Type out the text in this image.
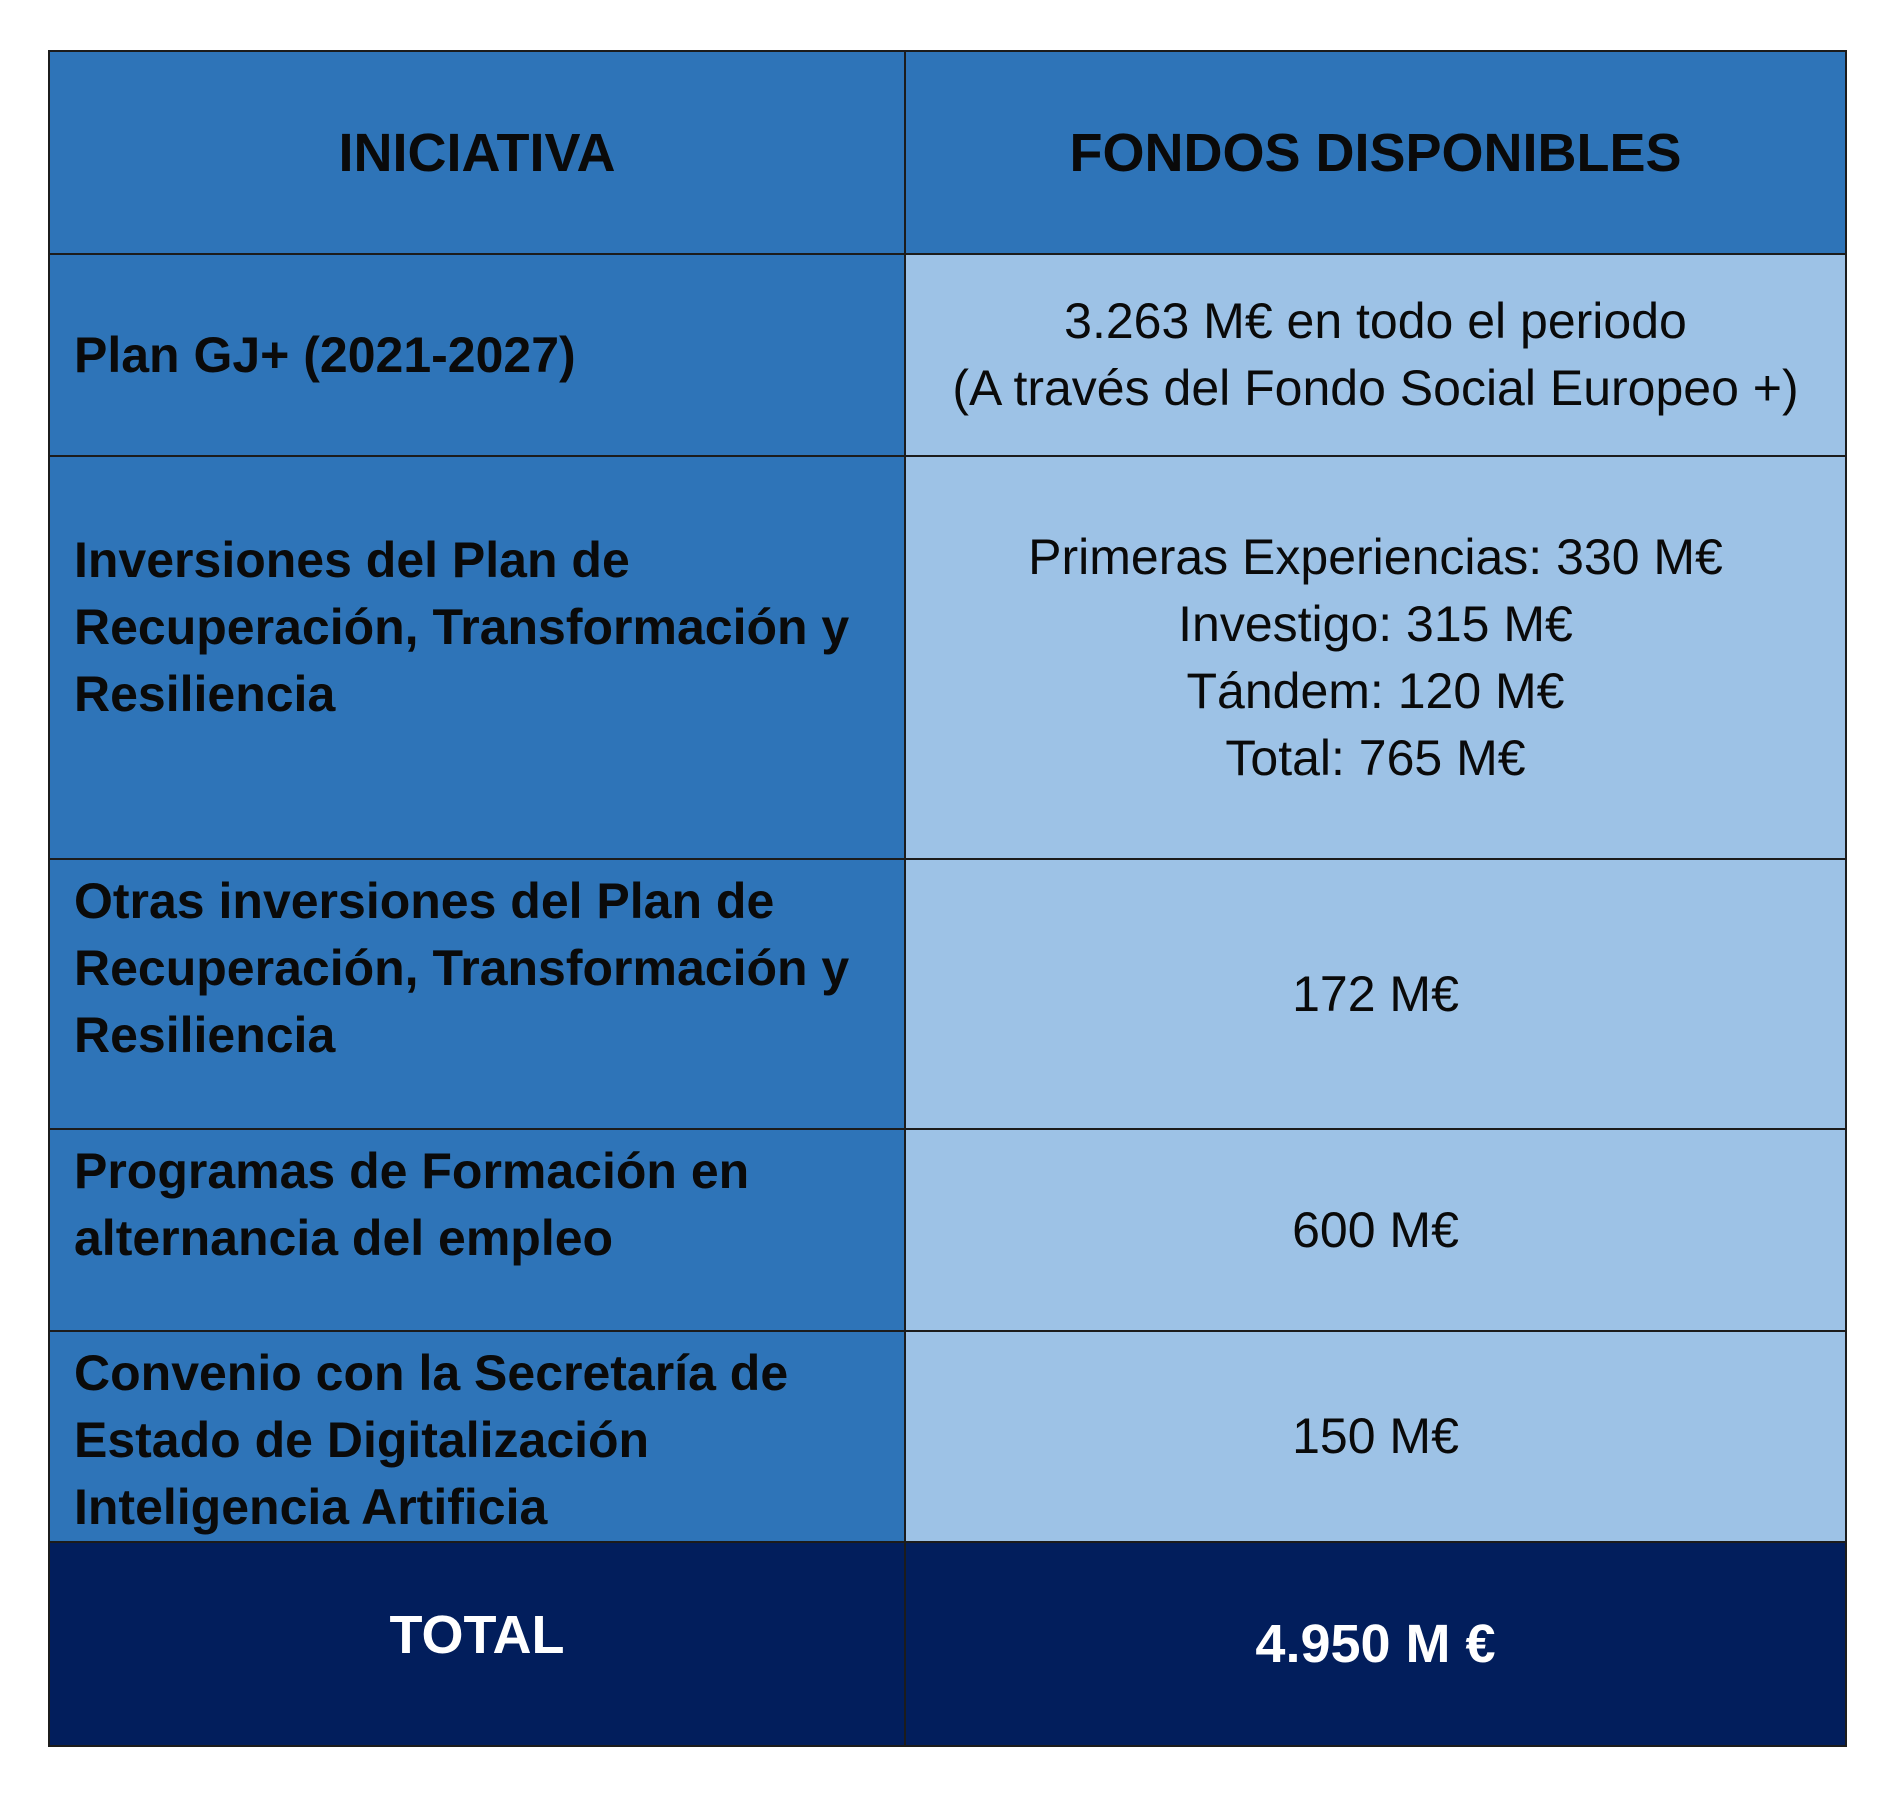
INICIATIVA	FONDOS DISPONIBLES
Plan GJ+ (2021-2027)	3.263 M€ en todo el periodo
(A través del Fondo Social Europeo +)

Inversiones del Plan de Recuperación, Transformación y Resiliencia	Primeras Experiencias: 330 M€
Investigo: 315 M€
Tándem: 120 M€
Total: 765 M€

Otras inversiones del Plan de Recuperación, Transformación y Resiliencia	172 M€

Programas de Formación en alternancia del empleo	600 M€

Convenio con la Secretaría de Estado de Digitalización Inteligencia Artificia	150 M€

TOTAL	4.950 M €
